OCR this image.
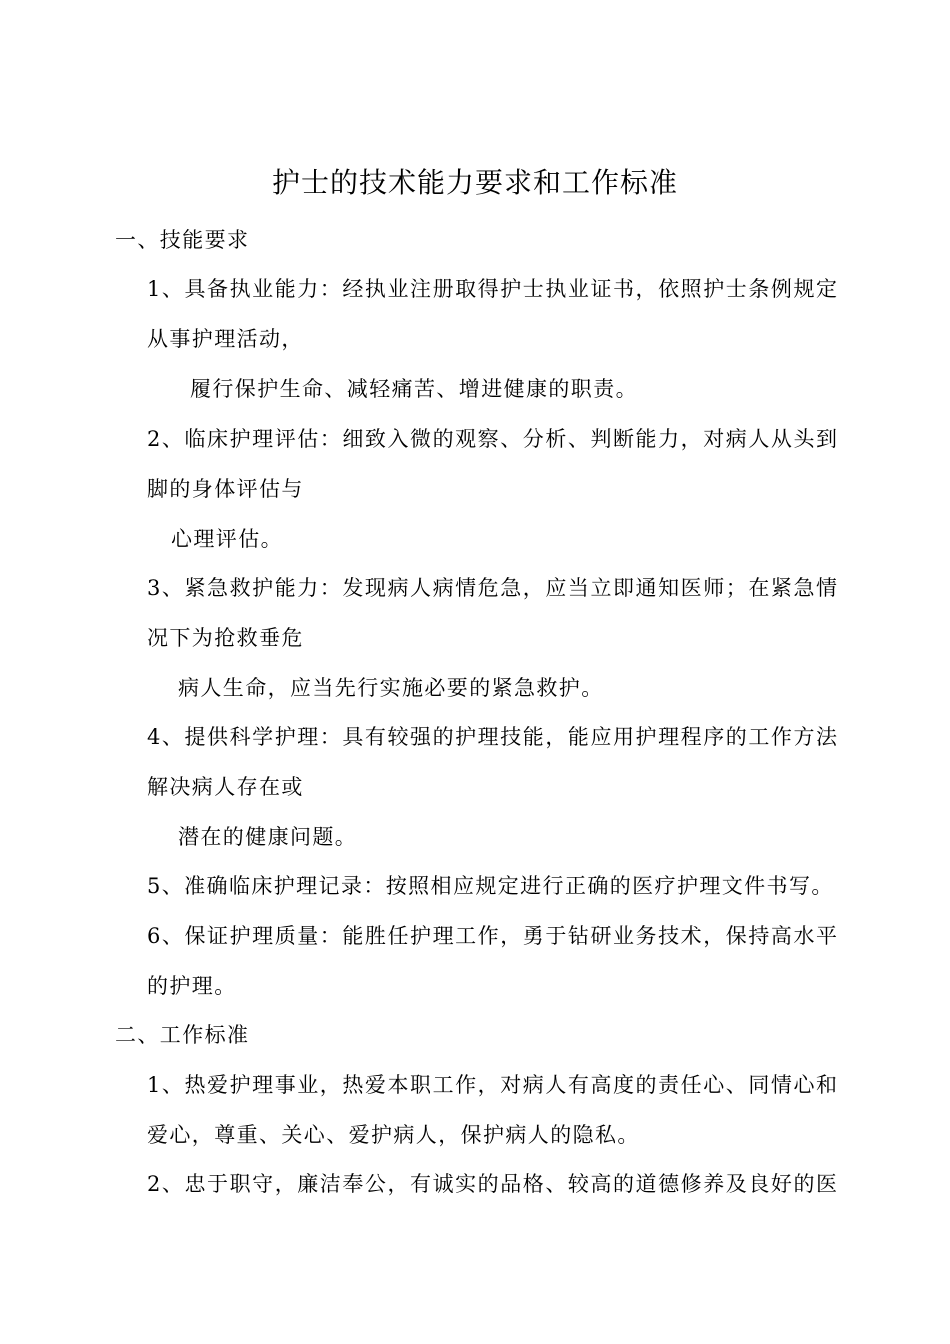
护士的技术能力要求和工作标准
一、技能要求
1、具备执业能力：经执业注册取得护士执业证书，依照护士条例规定
从事护理活动，
履行保护生命、减轻痛苦、增进健康的职责。
2、临床护理评估：细致入微的观察、分析、判断能力，对病人从头到
脚的身体评估与
心理评估。
3、紧急救护能力：发现病人病情危急，应当立即通知医师；在紧急情
况下为抢救垂危
病人生命，应当先行实施必要的紧急救护。
4、提供科学护理：具有较强的护理技能，能应用护理程序的工作方法
解决病人存在或
潜在的健康问题。
5、准确临床护理记录：按照相应规定进行正确的医疗护理文件书写。
6、保证护理质量：能胜任护理工作，勇于钻研业务技术，保持高水平
的护理。
二、工作标准
1、热爱护理事业，热爱本职工作，对病人有高度的责任心、同情心和
爱心，尊重、关心、爱护病人，保护病人的隐私。
2、忠于职守，廉洁奉公，有诚实的品格、较高的道德修养及良好的医
